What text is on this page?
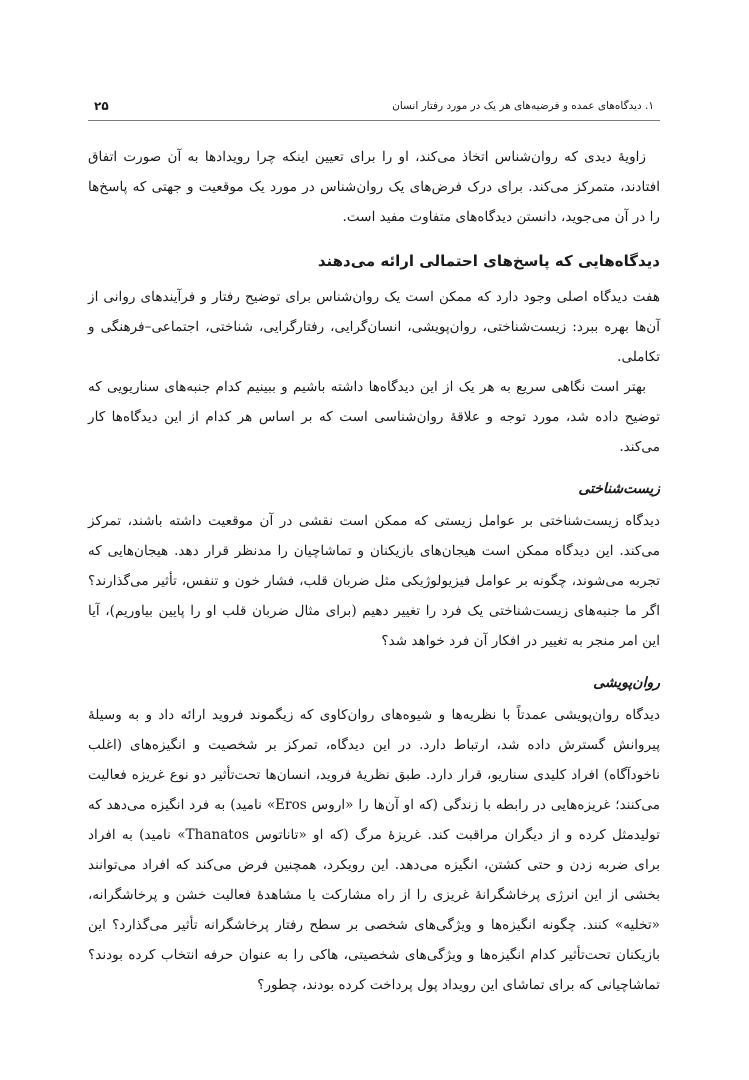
۱. دیدگاه‌های عمده و فرضیه‌های هر یک در مورد رفتار انسان
۲۵

زاویهٔ دیدی که روان‌شناس اتخاذ می‌کند، او را برای تعیین اینکه چرا رویدادها به آن صورت اتفاق افتادند، متمرکز می‌کند. برای درک فرض‌های یک روان‌شناس در مورد یک موقعیت و جهتی که پاسخ‌ها را در آن می‌جوید، دانستن دیدگاه‌های متفاوت مفید است.

دیدگاه‌هایی که پاسخ‌های احتمالی ارائه می‌دهند

هفت دیدگاه اصلی وجود دارد که ممکن است یک روان‌شناس برای توضیح رفتار و فرآیندهای روانی از آن‌ها بهره ببرد: زیست‌شناختی، روان‌پویشی، انسان‌گرایی، رفتارگرایی، شناختی، اجتماعی–فرهنگی و تکاملی.

بهتر است نگاهی سریع به هر یک از این دیدگاه‌ها داشته باشیم و ببینیم کدام جنبه‌های سناریویی که توضیح داده شد، مورد توجه و علاقهٔ روان‌شناسی است که بر اساس هر کدام از این دیدگاه‌ها کار می‌کند.

زیست‌شناختی

دیدگاه زیست‌شناختی بر عوامل زیستی که ممکن است نقشی در آن موقعیت داشته باشند، تمرکز می‌کند. این دیدگاه ممکن است هیجان‌های بازیکنان و تماشاچیان را مدنظر قرار دهد. هیجان‌هایی که تجربه می‌شوند، چگونه بر عوامل فیزیولوژیکی مثل ضربان قلب، فشار خون و تنفس، تأثیر می‌گذارند؟ اگر ما جنبه‌های زیست‌شناختی یک فرد را تغییر دهیم (برای مثال ضربان قلب او را پایین بیاوریم)، آیا این امر منجر به تغییر در افکار آن فرد خواهد شد؟

روان‌پویشی

دیدگاه روان‌پویشی عمدتاً با نظریه‌ها و شیوه‌های روان‌کاوی که زیگموند فروید ارائه داد و به وسیلهٔ پیروانش گسترش داده شد، ارتباط دارد. در این دیدگاه، تمرکز بر شخصیت و انگیزه‌های (اغلب ناخودآگاه) افراد کلیدی سناریو، قرار دارد. طبق نظریهٔ فروید، انسان‌ها تحت‌تأثیر دو نوع غریزه فعالیت می‌کنند؛ غریزه‌هایی در رابطه با زندگی (که او آن‌ها را «اروس Eros» نامید) به فرد انگیزه می‌دهد که تولیدمثل کرده و از دیگران مراقبت کند. غریزهٔ مرگ (که او «تاناتوس Thanatos» نامید) به افراد برای ضربه زدن و حتی کشتن، انگیزه می‌دهد. این رویکرد، همچنین فرض می‌کند که افراد می‌توانند بخشی از این انرژی پرخاشگرانهٔ غریزی را از راه مشارکت یا مشاهدهٔ فعالیت خشن و پرخاشگرانه، «تخلیه» کنند. چگونه انگیزه‌ها و ویژگی‌های شخصی بر سطح رفتار پرخاشگرانه تأثیر می‌گذارد؟ این بازیکنان تحت‌تأثیر کدام انگیزه‌ها و ویژگی‌های شخصیتی، هاکی را به عنوان حرفه انتخاب کرده بودند؟ تماشاچیانی که برای تماشای این رویداد پول پرداخت کرده بودند، چطور؟
